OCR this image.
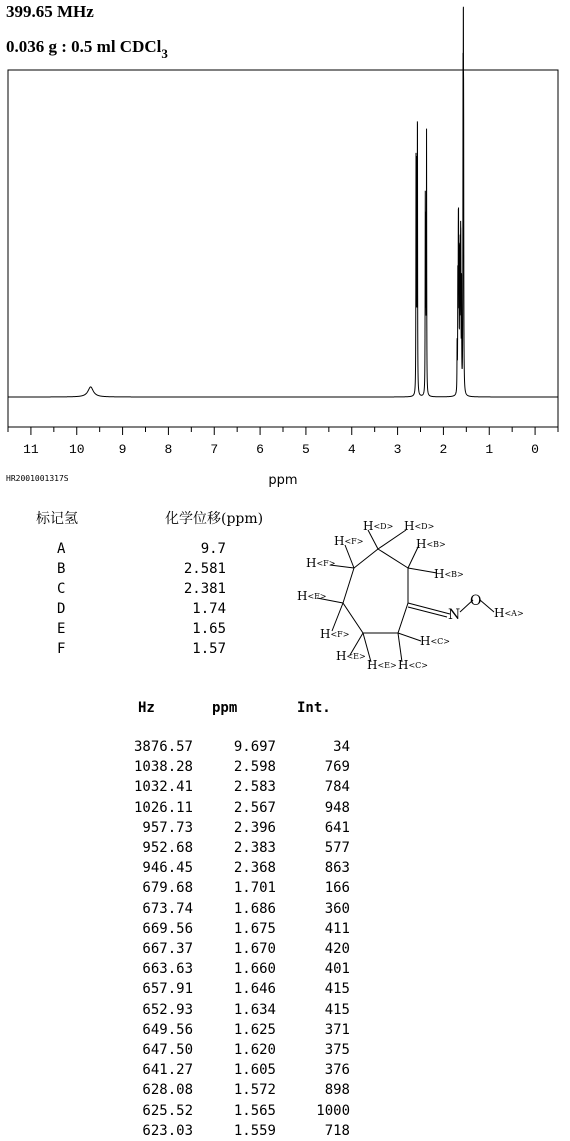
399.65 MHz
0.036 g : 0.5 ml CDCl$_3$
11 10	9	8	7	6	5	4	3	2	1	0
ppm
HR2001001317S
标记氢	化学位移(ppm)
A	9.7
B	2.581
C	2.381
D	1.74
E	1.65
F	1.57
N
O
H<D> H<D>
H<F>	H<B>
H<F>
H<B>
H<F>
H<A>
H<F>	H<C>
H<E>
H<E> H<C>
Hz	ppm	Int.
3876.57	9.697	34
1038.28	2.598	769
1032.41	2.583	784
1026.11	2.567	948
957.73	2.396	641
952.68	2.383	577
946.45	2.368	863
679.68	1.701	166
673.74	1.686	360
669.56	1.675	411
667.37	1.670	420
663.63	1.660	401
657.91	1.646	415
652.93	1.634	415
649.56	1.625	371
647.50	1.620	375
641.27	1.605	376
628.08	1.572	898
625.52	1.565	1000
623.03	1.559	718
